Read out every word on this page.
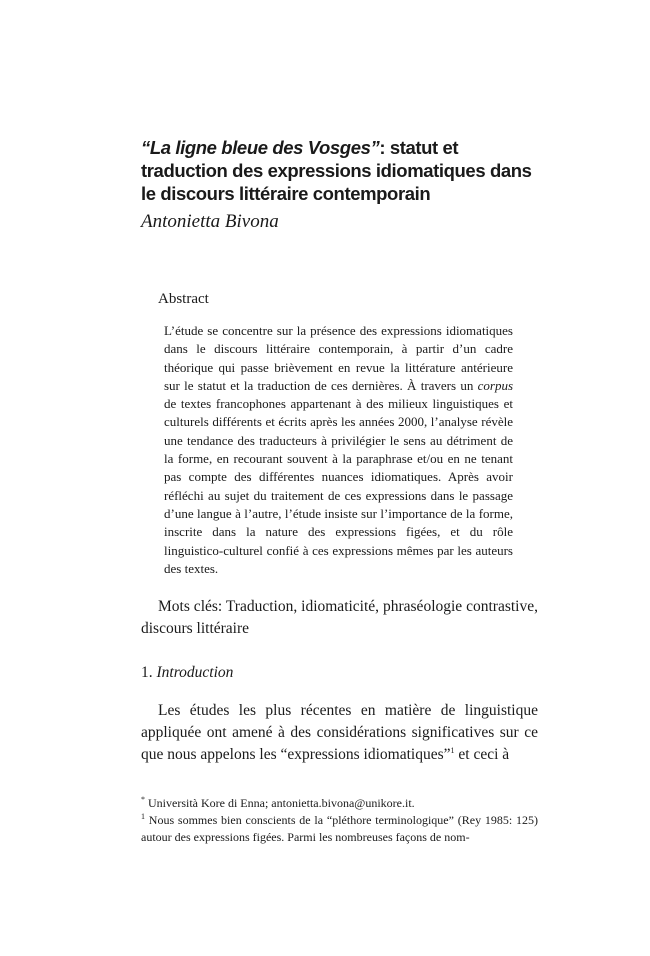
“La ligne bleue des Vosges”: statut et traduction des expressions idiomatiques dans le discours littéraire contemporain

Antonietta Bivona

Abstract

L’étude se concentre sur la présence des expressions idiomatiques dans le discours littéraire contemporain, à partir d’un cadre théorique qui passe brièvement en revue la littérature antérieure sur le statut et la traduction de ces dernières. À travers un corpus de textes francophones appartenant à des milieux linguistiques et culturels différents et écrits après les années 2000, l’analyse révèle une tendance des traducteurs à privilégier le sens au détriment de la forme, en recourant souvent à la paraphrase et/ou en ne tenant pas compte des différentes nuances idiomatiques. Après avoir réfléchi au sujet du traitement de ces expressions dans le passage d’une langue à l’autre, l’étude insiste sur l’importance de la forme, inscrite dans la nature des expressions figées, et du rôle linguistico-culturel confié à ces expressions mêmes par les auteurs des textes.

Mots clés: Traduction, idiomaticité, phraséologie contrastive, discours littéraire

1. Introduction

Les études les plus récentes en matière de linguistique appliquée ont amené à des considérations significatives sur ce que nous appelons les “expressions idiomatiques”$^1$ et ceci à

* Università Kore di Enna; antonietta.bivona@unikore.it.

$^1$ Nous sommes bien conscients de la “pléthore terminologique” (Rey 1985: 125) autour des expressions figées. Parmi les nombreuses façons de nom-
